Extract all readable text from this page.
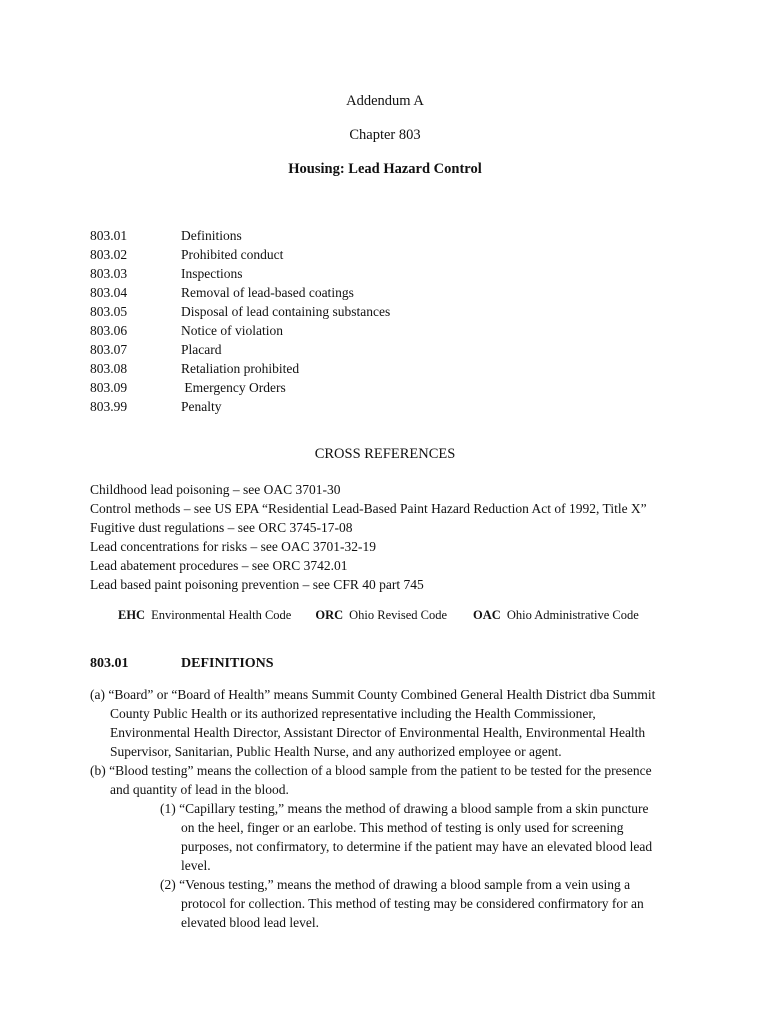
Addendum A
Chapter 803
Housing: Lead Hazard Control
803.01	Definitions
803.02	Prohibited conduct
803.03	Inspections
803.04	Removal of lead-based coatings
803.05	Disposal of lead containing substances
803.06	Notice of violation
803.07	Placard
803.08	Retaliation prohibited
803.09	Emergency Orders
803.99	Penalty
CROSS REFERENCES
Childhood lead poisoning – see OAC 3701-30
Control methods – see US EPA “Residential Lead-Based Paint Hazard Reduction Act of 1992, Title X”
Fugitive dust regulations – see ORC 3745-17-08
Lead concentrations for risks – see OAC 3701-32-19
Lead abatement procedures – see ORC 3742.01
Lead based paint poisoning prevention – see CFR 40 part 745
EHC Environmental Health Code ORC Ohio Revised Code OAC Ohio Administrative Code
803.01	DEFINITIONS
(a) “Board” or “Board of Health” means Summit County Combined General Health District dba Summit
County Public Health or its authorized representative including the Health Commissioner,
Environmental Health Director, Assistant Director of Environmental Health, Environmental Health
Supervisor, Sanitarian, Public Health Nurse, and any authorized employee or agent.
(b) “Blood testing” means the collection of a blood sample from the patient to be tested for the presence
and quantity of lead in the blood.
(1) “Capillary testing,” means the method of drawing a blood sample from a skin puncture
on the heel, finger or an earlobe. This method of testing is only used for screening
purposes, not confirmatory, to determine if the patient may have an elevated blood lead
level.
(2) “Venous testing,” means the method of drawing a blood sample from a vein using a
protocol for collection. This method of testing may be considered confirmatory for an
elevated blood lead level.
